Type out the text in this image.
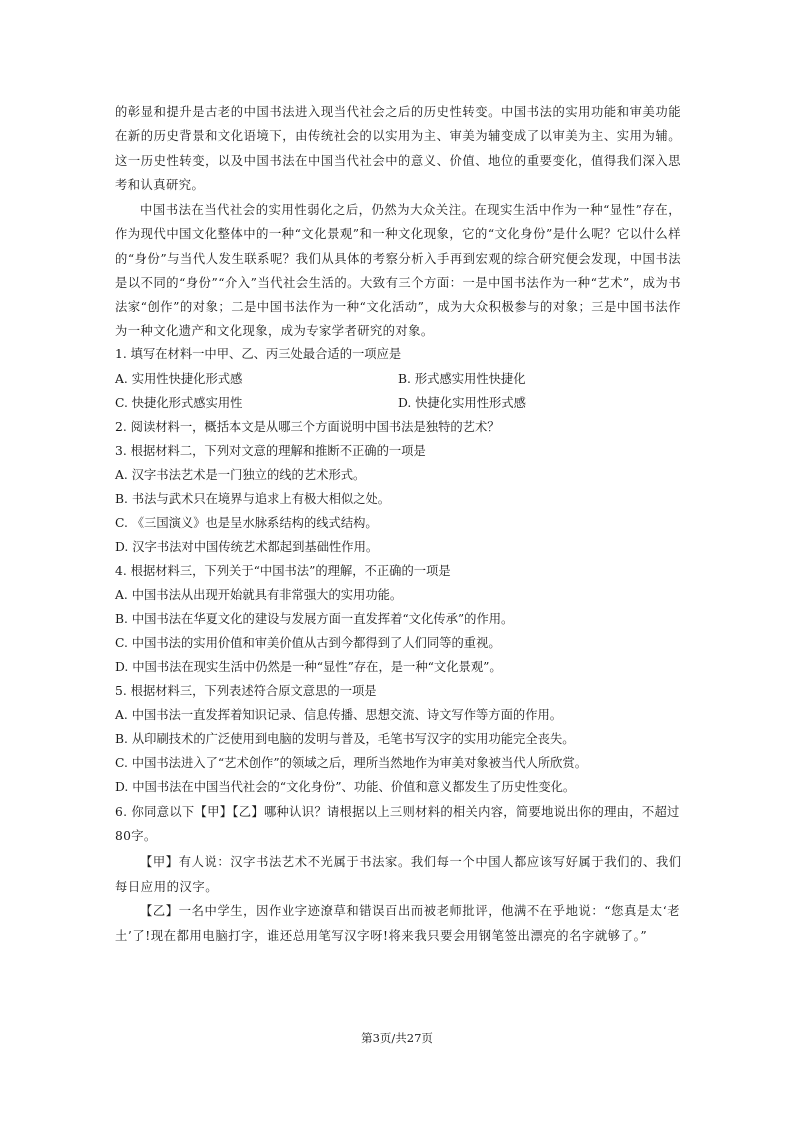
的彰显和提升是古老的中国书法进入现当代社会之后的历史性转变。中国书法的实用功能和审美功能在新的历史背景和文化语境下，由传统社会的以实用为主、审美为辅变成了以审美为主、实用为辅。这一历史性转变，以及中国书法在中国当代社会中的意义、价值、地位的重要变化，值得我们深入思考和认真研究。
中国书法在当代社会的实用性弱化之后，仍然为大众关注。在现实生活中作为一种“显性”存在，作为现代中国文化整体中的一种“文化景观”和一种文化现象，它的“文化身份”是什么呢？它以什么样的“身份”与当代人发生联系呢？我们从具体的考察分析入手再到宏观的综合研究便会发现，中国书法是以不同的“身份”“介入”当代社会生活的。大致有三个方面：一是中国书法作为一种“艺术”，成为书法家“创作”的对象；二是中国书法作为一种“文化活动”，成为大众积极参与的对象；三是中国书法作为一种文化遗产和文化现象，成为专家学者研究的对象。
1. 填写在材料一中甲、乙、丙三处最合适的一项应是
A. 实用性快捷化形式感	B. 形式感实用性快捷化
C. 快捷化形式感实用性	D. 快捷化实用性形式感
2. 阅读材料一，概括本文是从哪三个方面说明中国书法是独特的艺术？
3. 根据材料二，下列对文意的理解和推断不正确的一项是
A. 汉字书法艺术是一门独立的线的艺术形式。
B. 书法与武术只在境界与追求上有极大相似之处。
C. 《三国演义》也是呈水脉系结构的线式结构。
D. 汉字书法对中国传统艺术都起到基础性作用。
4. 根据材料三，下列关于“中国书法”的理解，不正确的一项是
A. 中国书法从出现开始就具有非常强大的实用功能。
B. 中国书法在华夏文化的建设与发展方面一直发挥着“文化传承”的作用。
C. 中国书法的实用价值和审美价值从古到今都得到了人们同等的重视。
D. 中国书法在现实生活中仍然是一种“显性”存在，是一种“文化景观”。
5. 根据材料三，下列表述符合原文意思的一项是
A. 中国书法一直发挥着知识记录、信息传播、思想交流、诗文写作等方面的作用。
B. 从印刷技术的广泛使用到电脑的发明与普及，毛笔书写汉字的实用功能完全丧失。
C. 中国书法进入了“艺术创作”的领域之后，理所当然地作为审美对象被当代人所欣赏。
D. 中国书法在中国当代社会的“文化身份”、功能、价值和意义都发生了历史性变化。
6. 你同意以下【甲】【乙】哪种认识？请根据以上三则材料的相关内容，简要地说出你的理由，不超过80字。
【甲】有人说：汉字书法艺术不光属于书法家。我们每一个中国人都应该写好属于我们的、我们每日应用的汉字。
【乙】一名中学生，因作业字迹潦草和错误百出而被老师批评，他满不在乎地说：“您真是太‘老土’了!现在都用电脑打字，谁还总用笔写汉字呀!将来我只要会用钢笔签出漂亮的名字就够了。”
第3页/共27页
